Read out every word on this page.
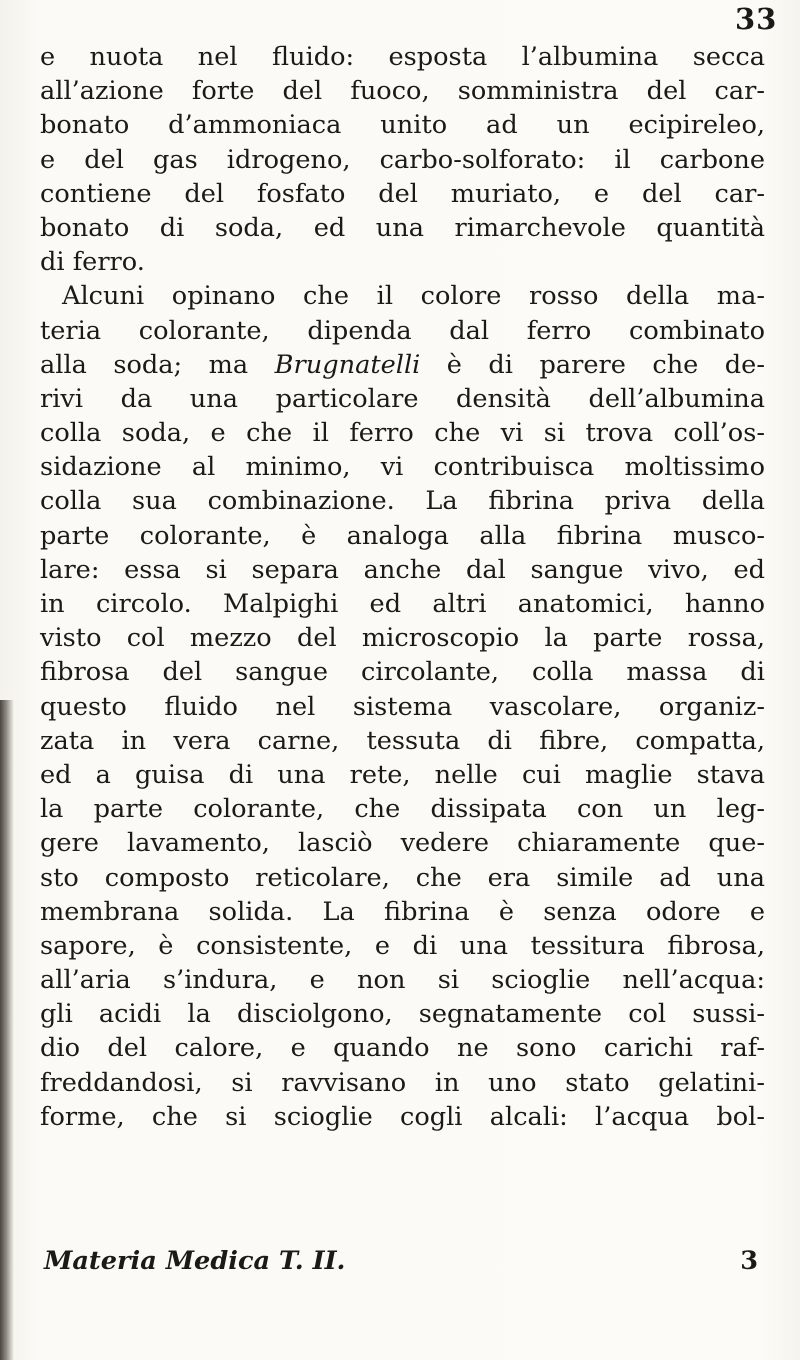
33
e nuota nel fluido: esposta l’albumina secca
all’azione forte del fuoco, somministra del car-
bonato d’ammoniaca unito ad un ecipireleo,
e del gas idrogeno, carbo-solforato: il carbone
contiene del fosfato del muriato, e del car-
bonato di soda, ed una rimarchevole quantità
di ferro.
Alcuni opinano che il colore rosso della ma-
teria colorante, dipenda dal ferro combinato
alla soda; ma Brugnatelli è di parere che de-
rivi da una particolare densità dell’albumina
colla soda, e che il ferro che vi si trova coll’os-
sidazione al minimo, vi contribuisca moltissimo
colla sua combinazione. La fibrina priva della
parte colorante, è analoga alla fibrina musco-
lare: essa si separa anche dal sangue vivo, ed
in circolo. Malpighi ed altri anatomici, hanno
visto col mezzo del microscopio la parte rossa,
fibrosa del sangue circolante, colla massa di
questo fluido nel sistema vascolare, organiz-
zata in vera carne, tessuta di fibre, compatta,
ed a guisa di una rete, nelle cui maglie stava
la parte colorante, che dissipata con un leg-
gere lavamento, lasciò vedere chiaramente que-
sto composto reticolare, che era simile ad una
membrana solida. La fibrina è senza odore e
sapore, è consistente, e di una tessitura fibrosa,
all’aria s’indura, e non si scioglie nell’acqua:
gli acidi la disciolgono, segnatamente col sussi-
dio del calore, e quando ne sono carichi raf-
freddandosi, si ravvisano in uno stato gelatini-
forme, che si scioglie cogli alcali: l’acqua bol-
Materia Medica T. II.	3
